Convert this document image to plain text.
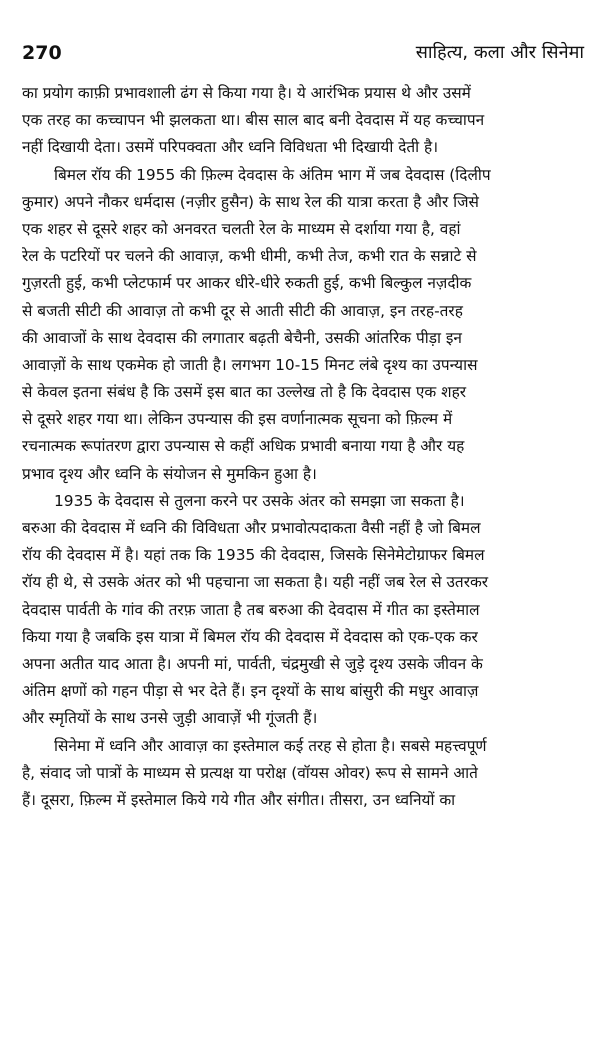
270	साहित्य, कला और सिनेमा

का प्रयोग काफ़ी प्रभावशाली ढंग से किया गया है। ये आरंभिक प्रयास थे और उसमें
एक तरह का कच्चापन भी झलकता था। बीस साल बाद बनी देवदास में यह कच्चापन
नहीं दिखायी देता। उसमें परिपक्वता और ध्वनि विविधता भी दिखायी देती है।

बिमल रॉय की 1955 की फ़िल्म देवदास के अंतिम भाग में जब देवदास (दिलीप
कुमार) अपने नौकर धर्मदास (नज़ीर हुसैन) के साथ रेल की यात्रा करता है और जिसे
एक शहर से दूसरे शहर को अनवरत चलती रेल के माध्यम से दर्शाया गया है, वहां
रेल के पटरियों पर चलने की आवाज़, कभी धीमी, कभी तेज, कभी रात के सन्नाटे से
गुज़रती हुई, कभी प्लेटफार्म पर आकर धीरे-धीरे रुकती हुई, कभी बिल्कुल नज़दीक
से बजती सीटी की आवाज़ तो कभी दूर से आती सीटी की आवाज़, इन तरह-तरह
की आवाजों के साथ देवदास की लगातार बढ़ती बेचैनी, उसकी आंतरिक पीड़ा इन
आवाज़ों के साथ एकमेक हो जाती है। लगभग 10-15 मिनट लंबे दृश्य का उपन्यास
से केवल इतना संबंध है कि उसमें इस बात का उल्लेख तो है कि देवदास एक शहर
से दूसरे शहर गया था। लेकिन उपन्यास की इस वर्णानात्मक सूचना को फ़िल्म में
रचनात्मक रूपांतरण द्वारा उपन्यास से कहीं अधिक प्रभावी बनाया गया है और यह
प्रभाव दृश्य और ध्वनि के संयोजन से मुमकिन हुआ है।

1935 के देवदास से तुलना करने पर उसके अंतर को समझा जा सकता है।
बरुआ की देवदास में ध्वनि की विविधता और प्रभावोत्पदाकता वैसी नहीं है जो बिमल
रॉय की देवदास में है। यहां तक कि 1935 की देवदास, जिसके सिनेमेटोग्राफर बिमल
रॉय ही थे, से उसके अंतर को भी पहचाना जा सकता है। यही नहीं जब रेल से उतरकर
देवदास पार्वती के गांव की तरफ़ जाता है तब बरुआ की देवदास में गीत का इस्तेमाल
किया गया है जबकि इस यात्रा में बिमल रॉय की देवदास में देवदास को एक-एक कर
अपना अतीत याद आता है। अपनी मां, पार्वती, चंद्रमुखी से जुड़े दृश्य उसके जीवन के
अंतिम क्षणों को गहन पीड़ा से भर देते हैं। इन दृश्यों के साथ बांसुरी की मधुर आवाज़
और स्मृतियों के साथ उनसे जुड़ी आवाज़ें भी गूंजती हैं।

सिनेमा में ध्वनि और आवाज़ का इस्तेमाल कई तरह से होता है। सबसे महत्त्वपूर्ण
है, संवाद जो पात्रों के माध्यम से प्रत्यक्ष या परोक्ष (वॉयस ओवर) रूप से सामने आते
हैं। दूसरा, फ़िल्म में इस्तेमाल किये गये गीत और संगीत। तीसरा, उन ध्वनियों का
